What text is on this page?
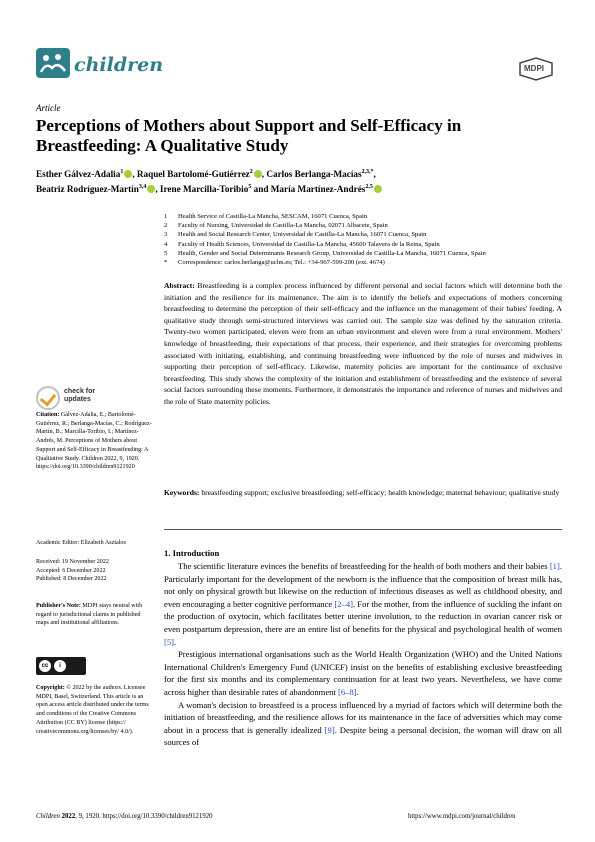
children	MDPI
Article
Perceptions of Mothers about Support and Self-Efficacy in Breastfeeding: A Qualitative Study
Esther Gálvez-Adalia$^1$ , Raquel Bartolomé-Gutiérrez$^2$ , Carlos Berlanga-Macías$^{2,3,*}$,
Beatriz Rodríguez-Martín$^{3,4}$ , Irene Marcilla-Toribio$^5$ and María Martínez-Andrés$^{2,5}$
1	Health Service of Castilla-La Mancha, SESCAM, 16071 Cuenca, Spain
2	Faculty of Nursing, Universidad de Castilla-La Mancha, 02071 Albacete, Spain
3	Health and Social Research Center, Universidad de Castilla-La Mancha, 16071 Cuenca, Spain
4	Faculty of Health Sciences, Universidad de Castilla-La Mancha, 45600 Talavera de la Reina, Spain
5	Health, Gender and Social Determinants Research Group, Universidad de Castilla-La Mancha, 16071 Cuenca, Spain
*	Correspondence: carlos.berlanga@uclm.es; Tel.: +34-967-599-200 (ext. 4674)
Abstract: Breastfeeding is a complex process influenced by different personal and social factors which will determine both the initiation and the resilience for its maintenance. The aim is to identify the beliefs and expectations of mothers concerning breastfeeding to determine the perception of their self-efficacy and the influence on the management of their babies' feeding. A qualitative study through semi-structured interviews was carried out. The sample size was defined by the saturation criteria. Twenty-two women participated, eleven were from an urban environment and eleven were from a rural environment. Mothers' knowledge of breastfeeding, their expectations of that process, their experience, and their strategies for overcoming problems associated with initiating, establishing, and continuing breastfeeding were influenced by the role of nurses and midwives in supporting their perception of self-efficacy. Likewise, maternity policies are important for the continuance of exclusive breastfeeding. This study shows the complexity of the initiation and establishment of breastfeeding and the existence of several social factors surrounding these moments. Furthermore, it demonstrates the importance and reference of nurses and midwives and the role of State maternity policies.
Keywords: breastfeeding support; exclusive breastfeeding; self-efficacy; health knowledge; maternal behaviour; qualitative study
check for
updates
Citation: Gálvez-Adalia, E.; Bartolomé-Gutiérrez, R.; Berlanga-Macías, C.; Rodríguez-Martín, B.; Marcilla-Toribio, I.; Martínez-Andrés, M. Perceptions of Mothers about Support and Self-Efficacy in Breastfeeding: A Qualitative Study. Children 2022, 9, 1920. https://doi.org/10.3390/children9121920
Academic Editor: Elizabeth Asztalos
Received: 19 November 2022
Accepted: 6 December 2022
Published: 8 December 2022
Publisher's Note: MDPI stays neutral with regard to jurisdictional claims in published maps and institutional affiliations.
cc	i
Copyright: © 2022 by the authors. Licensee MDPI, Basel, Switzerland. This article is an open access article distributed under the terms and conditions of the Creative Commons Attribution (CC BY) license (https:// creativecommons.org/licenses/by/ 4.0/).
1. Introduction

The scientific literature evinces the benefits of breastfeeding for the health of both mothers and their babies [1]. Particularly important for the development of the newborn is the influence that the composition of breast milk has, not only on physical growth but likewise on the reduction of infectious diseases as well as childhood obesity, and even encouraging a better cognitive performance [2–4]. For the mother, from the influence of suckling the infant on the production of oxytocin, which facilitates better uterine involution, to the reduction in ovarian cancer risk or even postpartum depression, there are an entire list of benefits for the physical and psychological health of women [5].

Prestigious international organisations such as the World Health Organization (WHO) and the United Nations International Children's Emergency Fund (UNICEF) insist on the benefits of establishing exclusive breastfeeding for the first six months and its complementary continuation for at least two years. Nevertheless, we have come across higher than desirable rates of abandonment [6–8].

A woman's decision to breastfeed is a process influenced by a myriad of factors which will determine both the initiation of breastfeeding, and the resilience allows for its maintenance in the face of adversities which may come about in a process that is generally idealized [9]. Despite being a personal decision, the woman will draw on all sources of

Children 2022, 9, 1920. https://doi.org/10.3390/children9121920	https://www.mdpi.com/journal/children
